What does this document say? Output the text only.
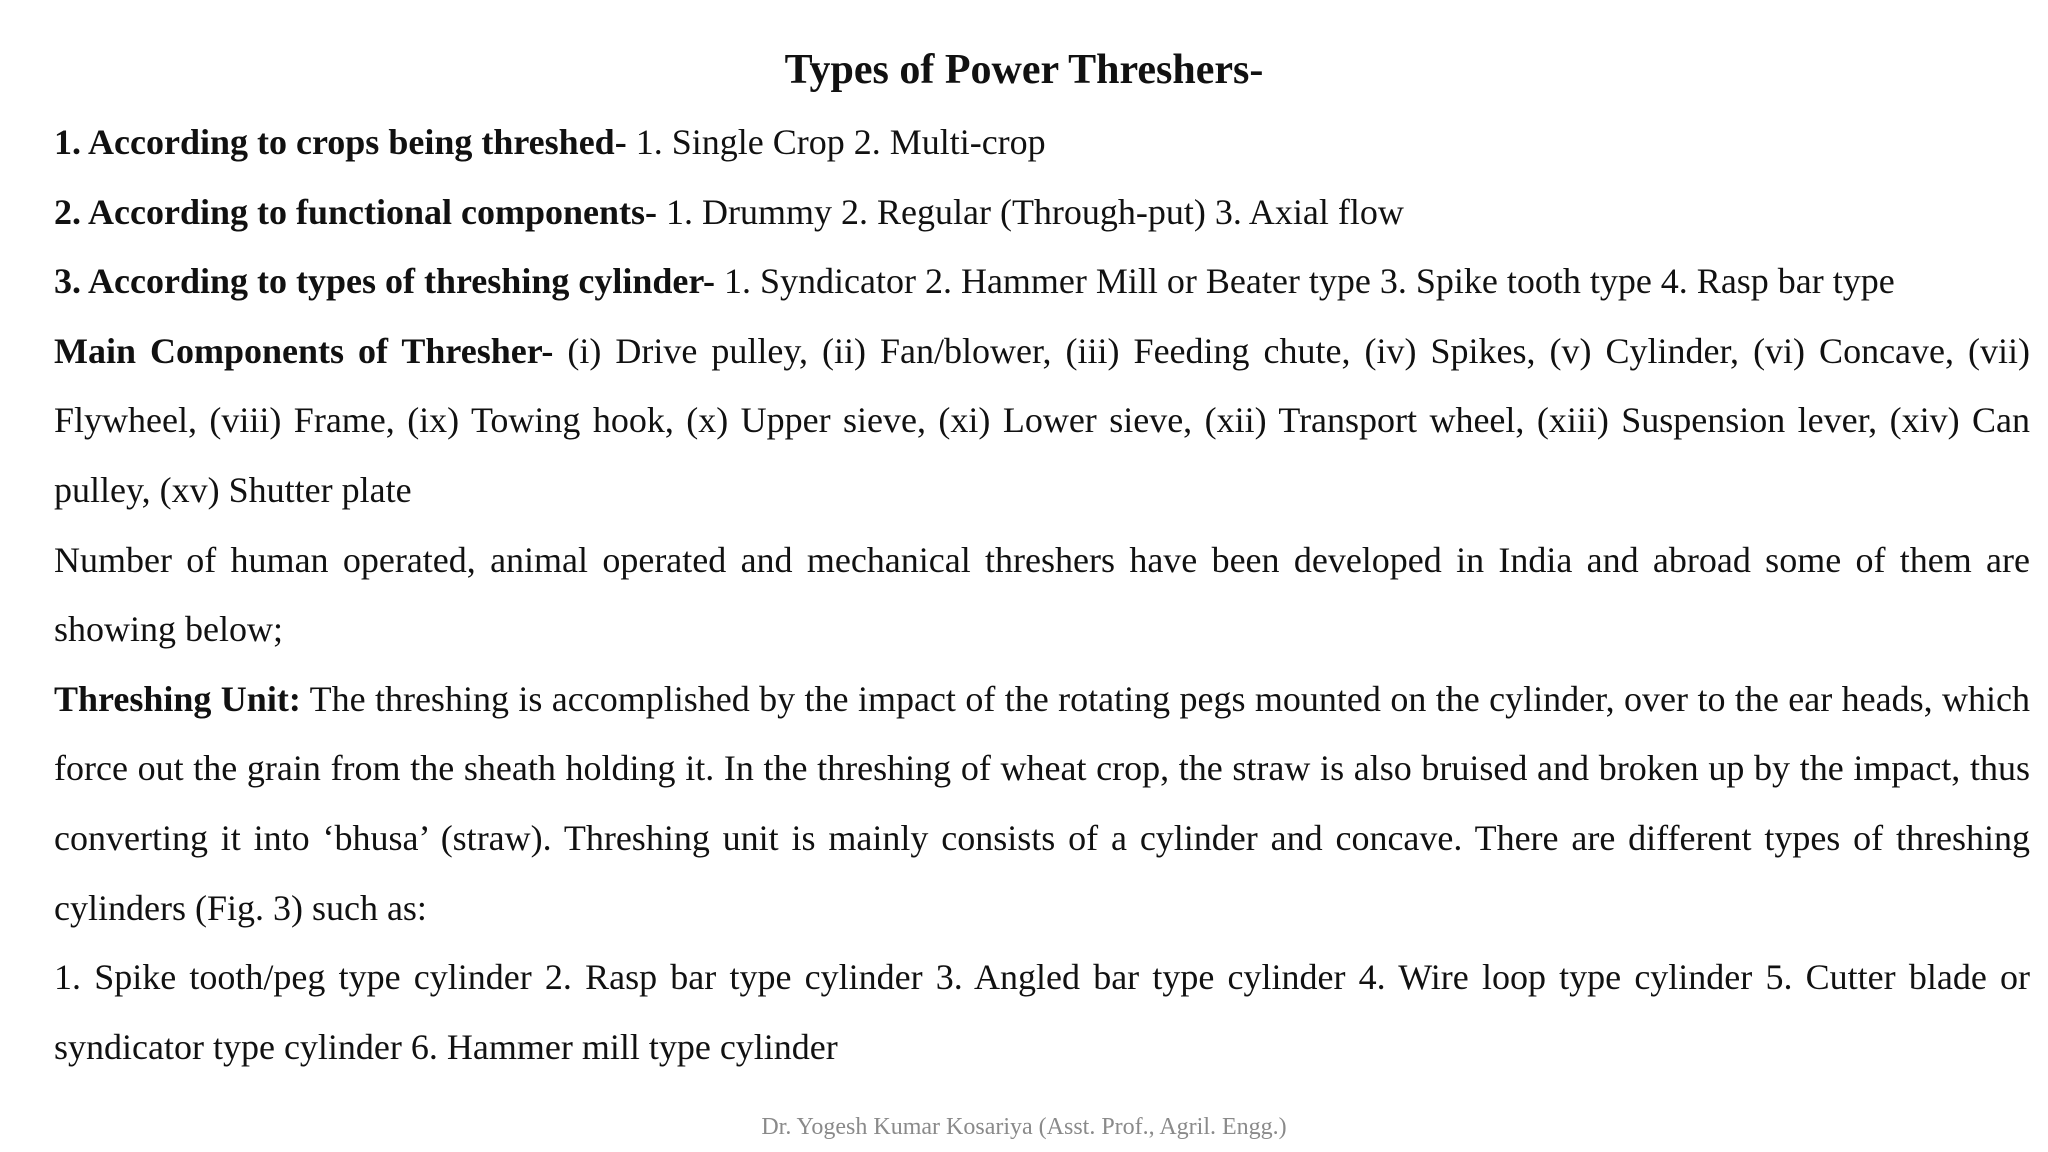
Types of Power Threshers-

1. According to crops being threshed- 1. Single Crop 2. Multi-crop

2. According to functional components- 1. Drummy 2. Regular (Through-put) 3. Axial flow

3. According to types of threshing cylinder- 1. Syndicator 2. Hammer Mill or Beater type 3. Spike tooth type 4. Rasp bar type

Main Components of Thresher- (i) Drive pulley, (ii) Fan/blower, (iii) Feeding chute, (iv) Spikes, (v) Cylinder, (vi) Concave, (vii) Flywheel, (viii) Frame, (ix) Towing hook, (x) Upper sieve, (xi) Lower sieve, (xii) Transport wheel, (xiii) Suspension lever, (xiv) Can pulley, (xv) Shutter plate

Number of human operated, animal operated and mechanical threshers have been developed in India and abroad some of them are showing below;

Threshing Unit: The threshing is accomplished by the impact of the rotating pegs mounted on the cylinder, over to the ear heads, which force out the grain from the sheath holding it. In the threshing of wheat crop, the straw is also bruised and broken up by the impact, thus converting it into ‘bhusa’ (straw). Threshing unit is mainly consists of a cylinder and concave. There are different types of threshing cylinders (Fig. 3) such as:

1. Spike tooth/peg type cylinder 2. Rasp bar type cylinder 3. Angled bar type cylinder 4. Wire loop type cylinder 5. Cutter blade or syndicator type cylinder 6. Hammer mill type cylinder

Dr. Yogesh Kumar Kosariya (Asst. Prof., Agril. Engg.)
